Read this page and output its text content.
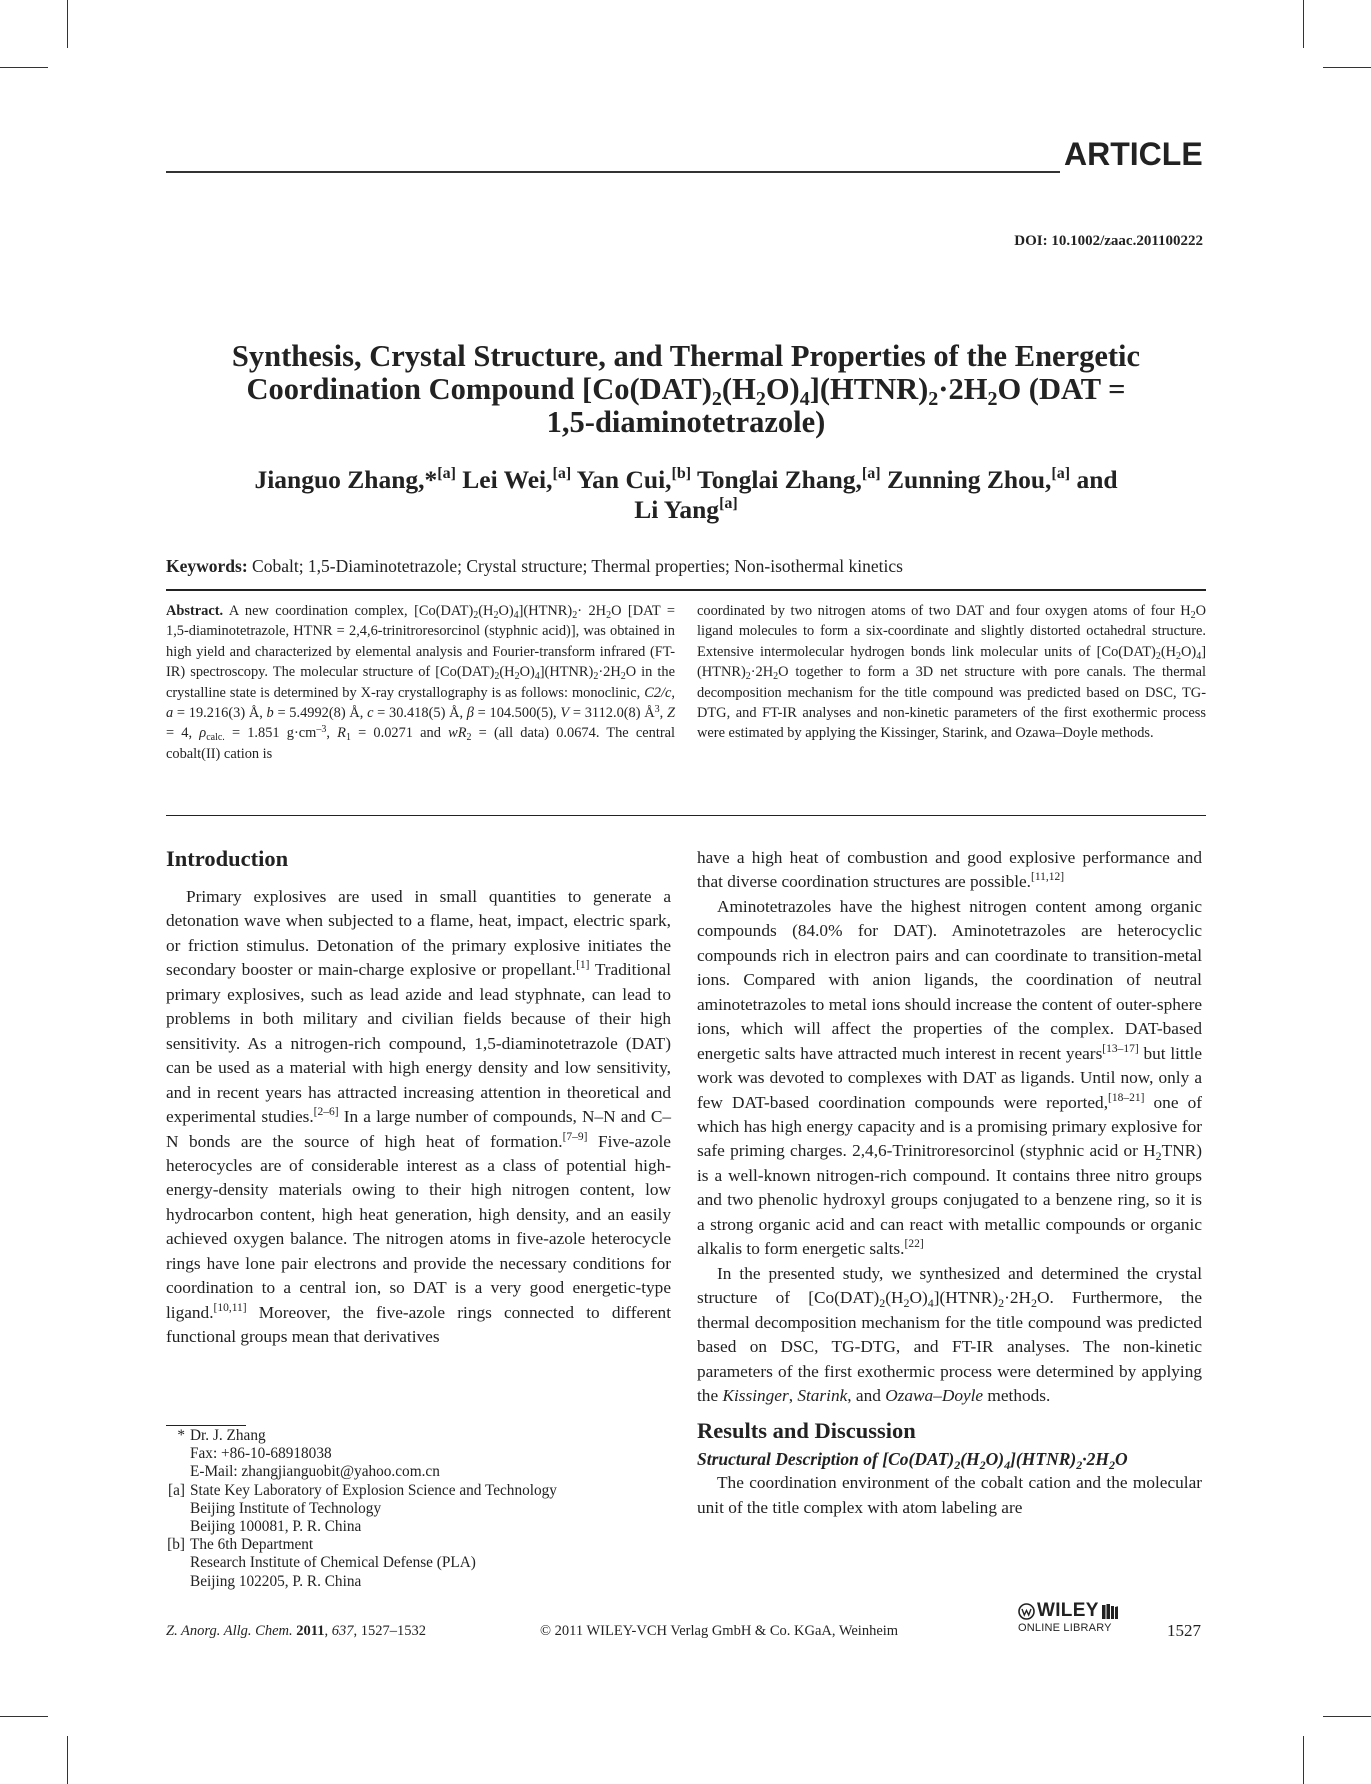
ARTICLE
DOI: 10.1002/zaac.201100222
Synthesis, Crystal Structure, and Thermal Properties of the Energetic
Coordination Compound $[Co(DAT)_2(H_2O)_4](HTNR)_2\cdot 2H_2O$ (DAT =
1,5-diaminotetrazole)
Jianguo Zhang,*[a] Lei Wei,[a] Yan Cui,[b] Tonglai Zhang,[a] Zunning Zhou,[a] and
Li Yang[a]
Keywords: Cobalt; 1,5-Diaminotetrazole; Crystal structure; Thermal properties; Non-isothermal kinetics
Abstract. A new coordination complex, $[Co(DAT)_2(H_2O)_4](HTNR)_2\cdot 2H_2O$ [DAT = 1,5-diaminotetrazole, HTNR = 2,4,6-trinitroresorcinol (styphnic acid)], was obtained in high yield and characterized by elemental analysis and Fourier-transform infrared (FT-IR) spectroscopy. The molecular structure of $[Co(DAT)_2(H_2O)_4](HTNR)_2\cdot 2H_2O$ in the crystalline state is determined by X-ray crystallography is as follows: monoclinic, C2/c, a = 19.216(3) Å, b = 5.4992(8) Å, c = 30.418(5) Å, β = 104.500(5), V = 3112.0(8) $Å^3$, Z = 4, $\rho_{calc.} = 1.851$ $g\cdot cm^{-3}$, $R_1 = 0.0271$ and $wR_2 = (all$ data) 0.0674. The central cobalt(II) cation is
coordinated by two nitrogen atoms of two DAT and four oxygen atoms of four $H_2O$ ligand molecules to form a six-coordinate and slightly distorted octahedral structure. Extensive intermolecular hydrogen bonds link molecular units of $[Co(DAT)_2(H_2O)_4](HTNR)_2\cdot 2H_2O$ together to form a 3D net structure with pore canals. The thermal decomposition mechanism for the title compound was predicted based on DSC, TG-DTG, and FT-IR analyses and non-kinetic parameters of the first exothermic process were estimated by applying the Kissinger, Starink, and Ozawa–Doyle methods.
Introduction

Primary explosives are used in small quantities to generate a detonation wave when subjected to a flame, heat, impact, electric spark, or friction stimulus. Detonation of the primary explosive initiates the secondary booster or main-charge explosive or propellant.[1] Traditional primary explosives, such as lead azide and lead styphnate, can lead to problems in both military and civilian fields because of their high sensitivity. As a nitrogen-rich compound, 1,5-diaminotetrazole (DAT) can be used as a material with high energy density and low sensitivity, and in recent years has attracted increasing attention in theoretical and experimental studies.[2–6] In a large number of compounds, N–N and C–N bonds are the source of high heat of formation.[7–9] Five-azole heterocycles are of considerable interest as a class of potential high-energy-density materials owing to their high nitrogen content, low hydrocarbon content, high heat generation, high density, and an easily achieved oxygen balance. The nitrogen atoms in five-azole heterocycle rings have lone pair electrons and provide the necessary conditions for coordination to a central ion, so DAT is a very good energetic-type ligand.[10,11] Moreover, the five-azole rings connected to different functional groups mean that derivatives

* Dr. J. Zhang
Fax: +86-10-68918038
E-Mail: zhangjianguobit@yahoo.com.cn
[a] State Key Laboratory of Explosion Science and Technology
Beijing Institute of Technology
Beijing 100081, P. R. China
[b] The 6th Department
Research Institute of Chemical Defense (PLA)
Beijing 102205, P. R. China

have a high heat of combustion and good explosive performance and that diverse coordination structures are possible.[11,12]

Aminotetrazoles have the highest nitrogen content among organic compounds (84.0% for DAT). Aminotetrazoles are heterocyclic compounds rich in electron pairs and can coordinate to transition-metal ions. Compared with anion ligands, the coordination of neutral aminotetrazoles to metal ions should increase the content of outer-sphere ions, which will affect the properties of the complex. DAT-based energetic salts have attracted much interest in recent years[13–17] but little work was devoted to complexes with DAT as ligands. Until now, only a few DAT-based coordination compounds were reported,[18–21] one of which has high energy capacity and is a promising primary explosive for safe priming charges. 2,4,6-Trinitroresorcinol (styphnic acid or $H_2TNR$) is a well-known nitrogen-rich compound. It contains three nitro groups and two phenolic hydroxyl groups conjugated to a benzene ring, so it is a strong organic acid and can react with metallic compounds or organic alkalis to form energetic salts.[22]

In the presented study, we synthesized and determined the crystal structure of $[Co(DAT)_2(H_2O)_4](HTNR)_2\cdot 2H_2O$. Furthermore, the thermal decomposition mechanism for the title compound was predicted based on DSC, TG-DTG, and FT-IR analyses. The non-kinetic parameters of the first exothermic process were determined by applying the Kissinger, Starink, and Ozawa–Doyle methods.

Results and Discussion
Structural Description of $[Co(DAT)_2(H_2O)_4](HTNR)_2\cdot 2H_2O$

The coordination environment of the cobalt cation and the molecular unit of the title complex with atom labeling are

Z. Anorg. Allg. Chem. 2011, 637, 1527–1532	© 2011 WILEY-VCH Verlag GmbH & Co. KGaA, Weinheim
WILEY
ONLINE LIBRARY	1527
